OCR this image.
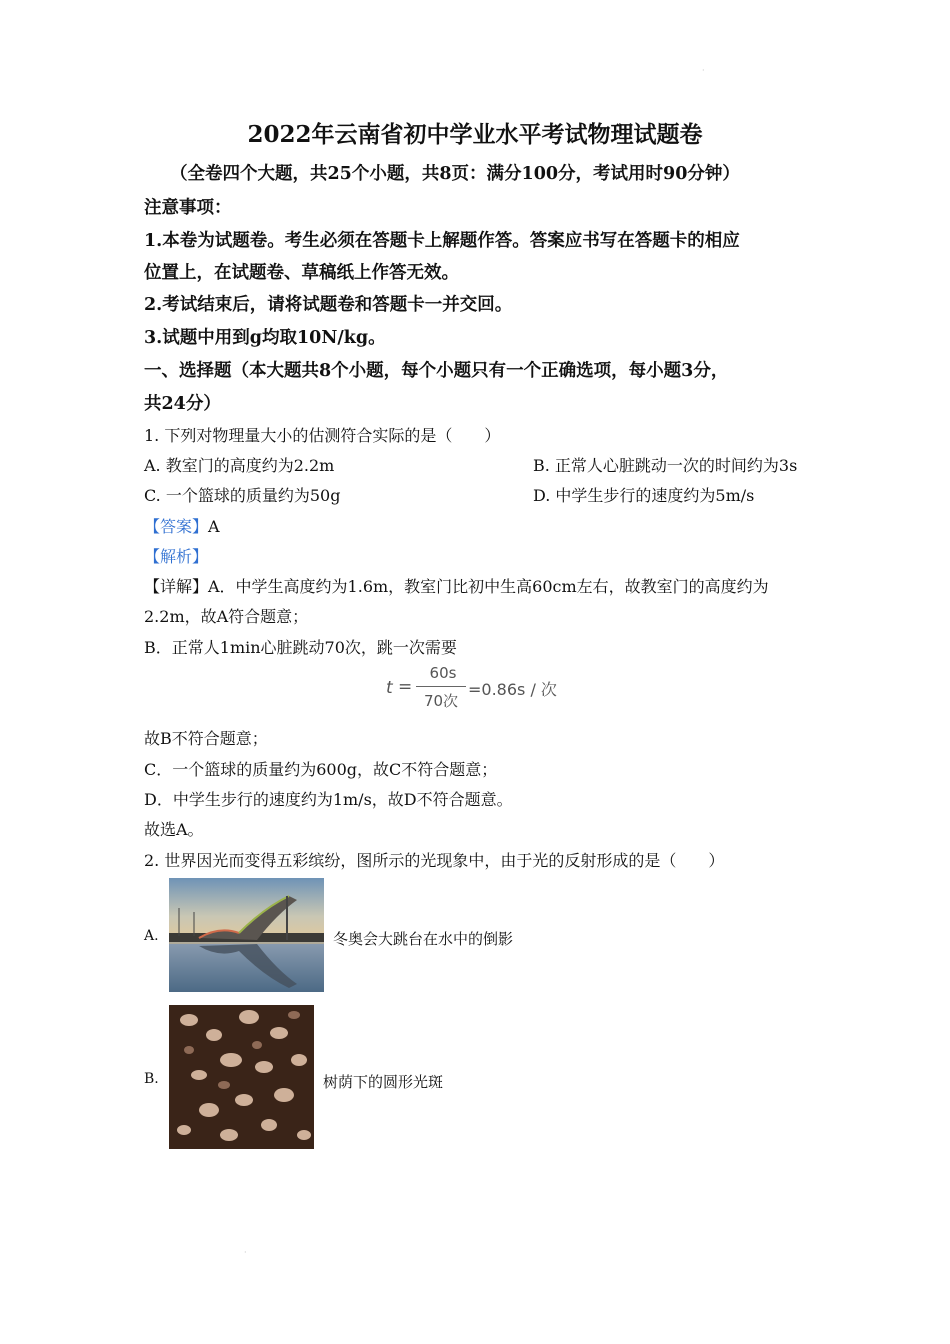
·
2022年云南省初中学业水平考试物理试题卷
（全卷四个大题，共25个小题，共8页：满分100分，考试用时90分钟）
注意事项：
1.本卷为试题卷。考生必须在答题卡上解题作答。答案应书写在答题卡的相应
位置上，在试题卷、草稿纸上作答无效。
2.考试结束后，请将试题卷和答题卡一并交回。
3.试题中用到g均取10N/kg。
一、选择题（本大题共8个小题，每个小题只有一个正确选项，每小题3分，
共24分）
1. 下列对物理量大小的估测符合实际的是（　　）
A. 教室门的高度约为2.2m	B. 正常人心脏跳动一次的时间约为3s
C. 一个篮球的质量约为50g	D. 中学生步行的速度约为5m/s
【答案】A
【解析】
【详解】A．中学生高度约为1.6m，教室门比初中生高60cm左右，故教室门的高度约为
2.2m，故A符合题意；
B．正常人1min心脏跳动70次，跳一次需要
t =
60s
70次
=0.86s / 次
故B不符合题意；
C．一个篮球的质量约为600g，故C不符合题意；
D．中学生步行的速度约为1m/s，故D不符合题意。
故选A。
2. 世界因光而变得五彩缤纷，图所示的光现象中，由于光的反射形成的是（　　）
A.	冬奥会大跳台在水中的倒影
B.	树荫下的圆形光斑
·
